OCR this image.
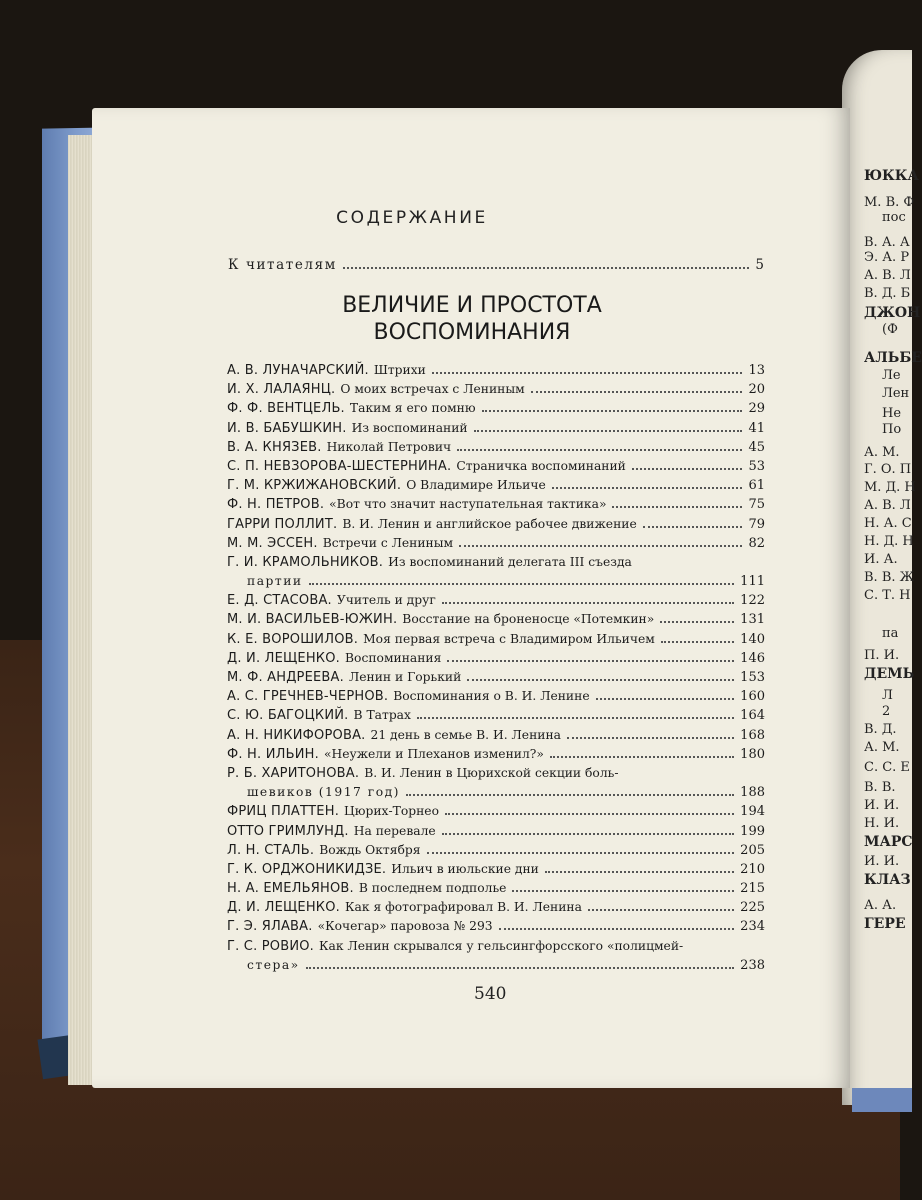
ЮККА
М. В. Ф
пос
В. А. А
Э. А. Р
А. В. Л
В. Д. Б
ДЖОН
(Ф
АЛЬБЕ
Ле
Лен
Не
По
А. М.
Г. О. П
М. Д. Н
А. В. Л
Н. А. С
Н. Д. Н
И. А.
В. В. Ж
С. Т. Н
па
П. И.
ДЕМЬ
Л
2
В. Д.
А. М.
С. С. Е
В. В.
И. И.
Н. И.
МАРС
И. И.
КЛАЗ
А. А.
ГЕРЕ
СОДЕРЖАНИЕ
К читателям	5
ВЕЛИЧИЕ И ПРОСТОТА
ВОСПОМИНАНИЯ
А. В. ЛУНАЧАРСКИЙ. Штрихи	13
И. Х. ЛАЛАЯНЦ. О моих встречах с Лениным	20
Ф. Ф. ВЕНТЦЕЛЬ. Таким я его помню	29
И. В. БАБУШКИН. Из воспоминаний	41
В. А. КНЯЗЕВ. Николай Петрович	45
С. П. НЕВЗОРОВА-ШЕСТЕРНИНА. Страничка воспоминаний	53
Г. М. КРЖИЖАНОВСКИЙ. О Владимире Ильиче	61
Ф. Н. ПЕТРОВ. «Вот что значит наступательная тактика»	75
ГАРРИ ПОЛЛИТ. В. И. Ленин и английское рабочее движение	79
М. М. ЭССЕН. Встречи с Лениным	82
Г. И. КРАМОЛЬНИКОВ. Из воспоминаний делегата III съезда
партии	111
Е. Д. СТАСОВА. Учитель и друг	122
М. И. ВАСИЛЬЕВ-ЮЖИН. Восстание на броненосце «Потемкин»	131
К. Е. ВОРОШИЛОВ. Моя первая встреча с Владимиром Ильичем	140
Д. И. ЛЕЩЕНКО. Воспоминания	146
М. Ф. АНДРЕЕВА. Ленин и Горький	153
А. С. ГРЕЧНЕВ-ЧЕРНОВ. Воспоминания о В. И. Ленине	160
С. Ю. БАГОЦКИЙ. В Татрах	164
А. Н. НИКИФОРОВА. 21 день в семье В. И. Ленина	168
Ф. Н. ИЛЬИН. «Неужели и Плеханов изменил?»	180
Р. Б. ХАРИТОНОВА. В. И. Ленин в Цюрихской секции боль-
шевиков (1917 год)	188
ФРИЦ ПЛАТТЕН. Цюрих-Торнео	194
ОТТО ГРИМЛУНД. На перевале	199
Л. Н. СТАЛЬ. Вождь Октября	205
Г. К. ОРДЖОНИКИДЗЕ. Ильич в июльские дни	210
Н. А. ЕМЕЛЬЯНОВ. В последнем подполье	215
Д. И. ЛЕЩЕНКО. Как я фотографировал В. И. Ленина	225
Г. Э. ЯЛАВА. «Кочегар» паровоза № 293	234
Г. С. РОВИО. Как Ленин скрывался у гельсингфорсского «полицмей-
стера»	238
540
